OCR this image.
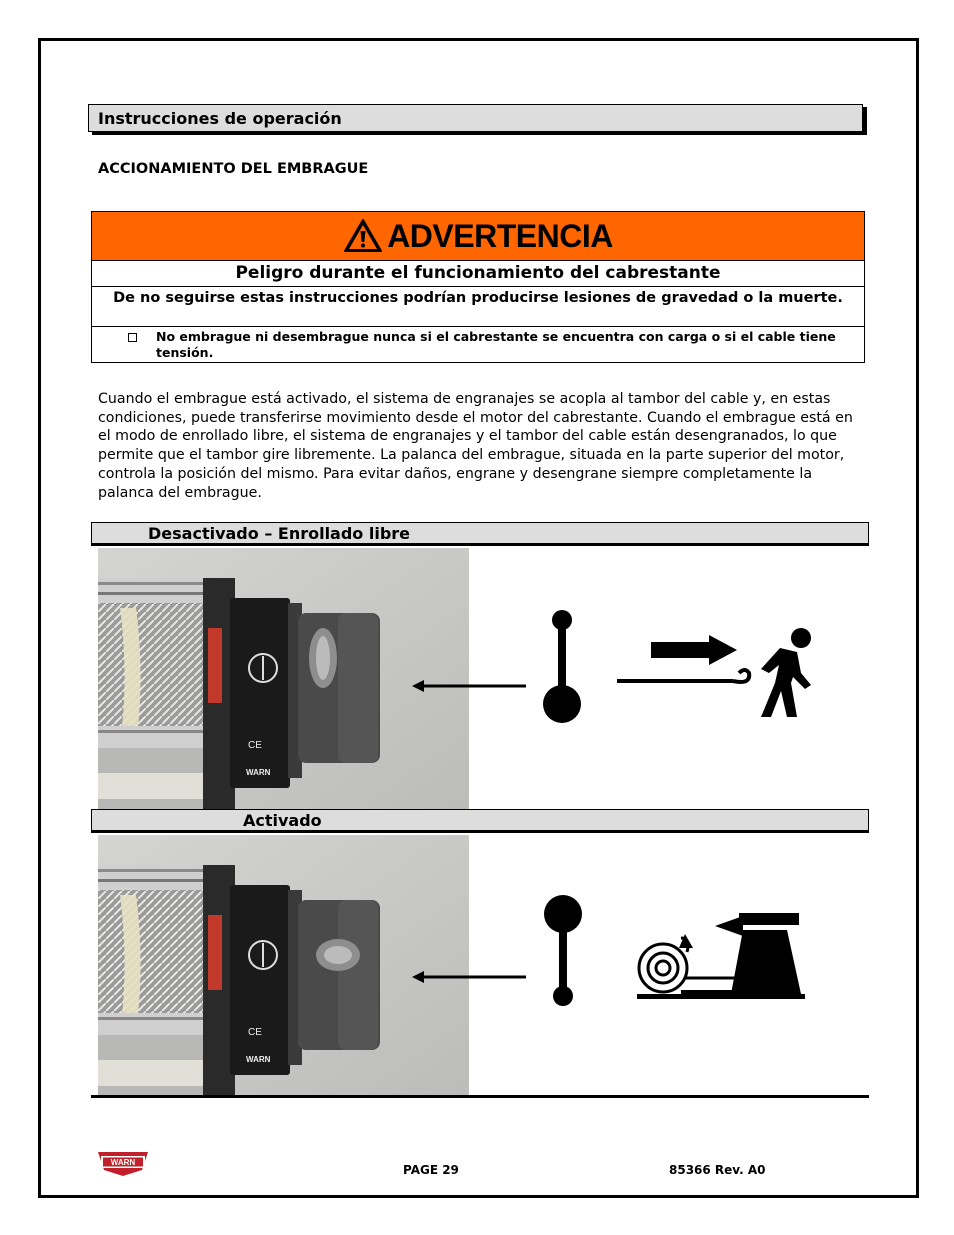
Instrucciones de operación
ACCIONAMIENTO DEL EMBRAGUE
ADVERTENCIA
Peligro durante el funcionamiento del cabrestante
De no seguirse estas instrucciones podrían producirse lesiones de gravedad o la muerte.
No embrague ni desembrague nunca si el cabrestante se encuentra con carga o si el cable tiene tensión.
Cuando el embrague está activado, el sistema de engranajes se acopla al tambor del cable y, en estas condiciones, puede transferirse movimiento desde el motor del cabrestante. Cuando el embrague está en el modo de enrollado libre, el sistema de engranajes y el tambor del cable están desengranados, lo que permite que el tambor gire libremente. La palanca del embrague, situada en la parte superior del motor, controla la posición del mismo. Para evitar daños, engrane y desengrane siempre completamente la palanca del embrague.
Desactivado – Enrollado libre
CE
WARN
Activado
CE
WARN
WARN
PAGE 29	85366 Rev. A0
